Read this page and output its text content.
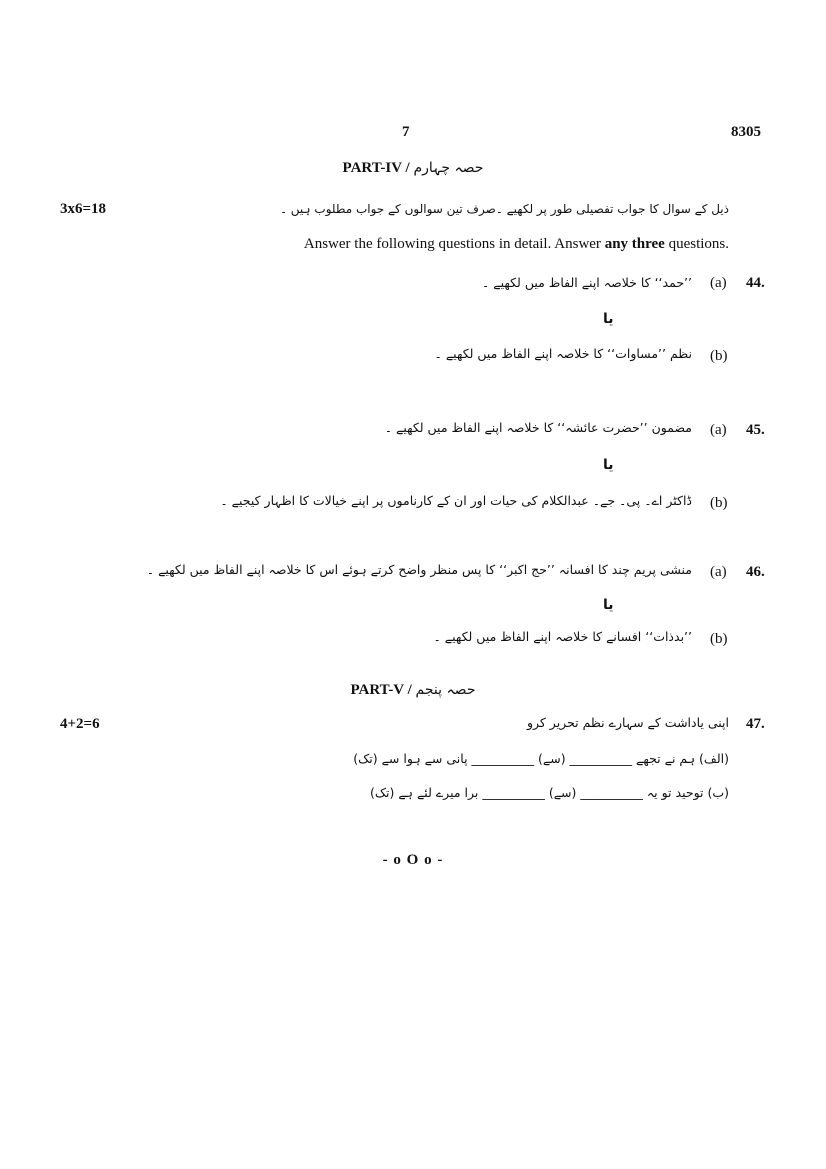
7	8305
PART-IV / حصہ چہارم
3x6=18	ذیل کے سوال کا جواب تفصیلی طور پر لکھیے ۔صرف تین سوالوں کے جواب مطلوب ہیں ۔
Answer the following questions in detail. Answer any three questions.
44.
(a)
’’حمد‘‘ کا خلاصہ اپنے الفاظ میں لکھیے ۔
یا
(b)
نظم ’’مساوات‘‘ کا خلاصہ اپنے الفاظ میں لکھیے ۔
45.
(a)
مضمون ’’حضرت عائشہ‘‘ کا خلاصہ اپنے الفاظ میں لکھیے ۔
یا
(b)
ڈاکٹر اے۔ پی۔ جے۔ عبدالکلام کی حیات اور ان کے کارناموں پر اپنے خیالات کا اظہار کیجیے ۔
46.
(a)
منشی پریم چند کا افسانہ ’’حج اکبر‘‘ کا پس منظر واضح کرتے ہوئے اس کا خلاصہ اپنے الفاظ میں لکھیے ۔
یا
(b)
’’بدذات‘‘ افسانے کا خلاصہ اپنے الفاظ میں لکھیے ۔
PART-V / حصہ پنجم
4+2=6	47.
اپنی یاداشت کے سہارے نظم تحریر کرو
(الف) ہم نے تجھے __________ (سے) __________ پانی سے ہوا سے (تک)
(ب) توحید تو یہ __________ (سے) __________ برا میرے لئے ہے (تک)
- o O o -
